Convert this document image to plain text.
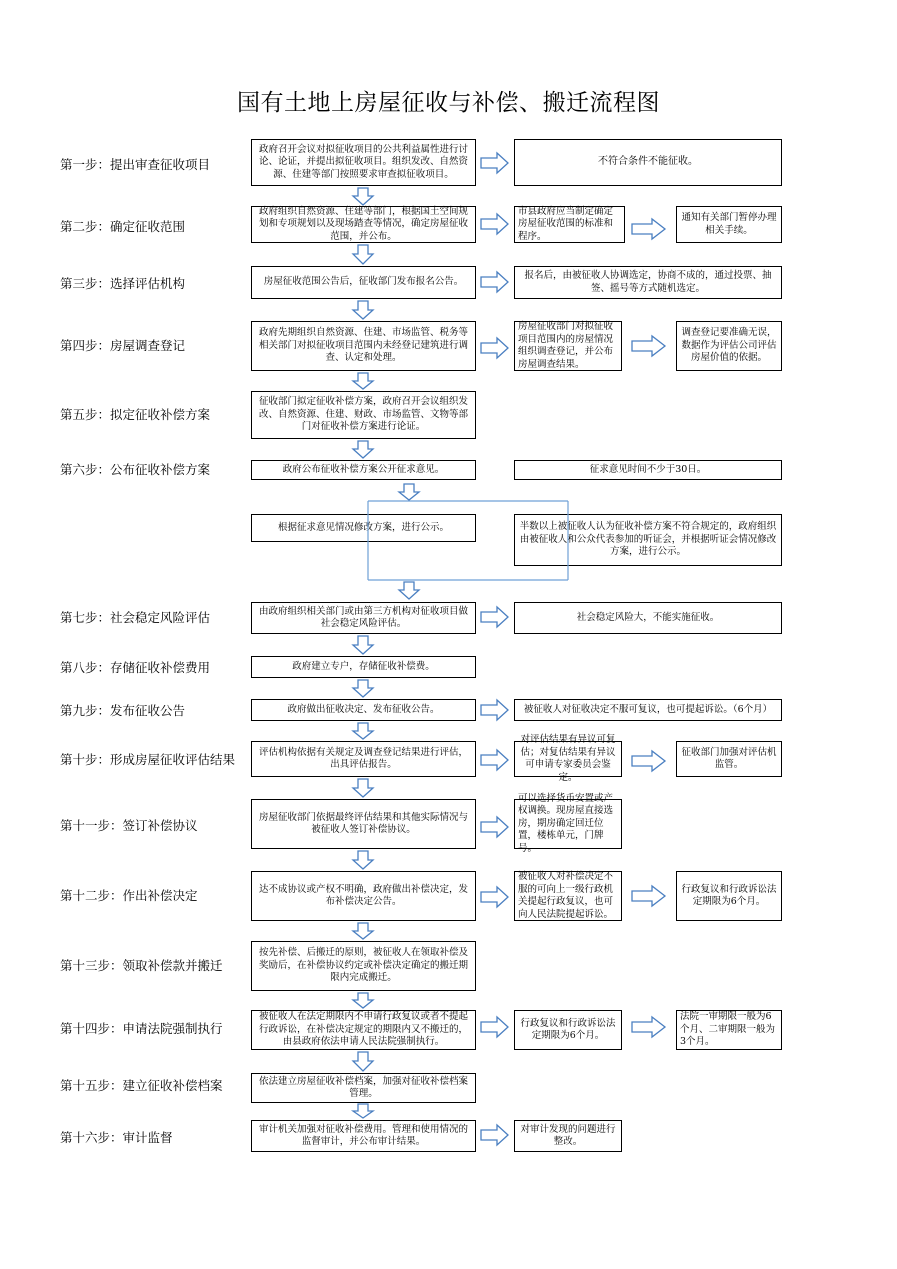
国有土地上房屋征收与补偿、搬迁流程图
第一步：提出审查征收项目
第二步：确定征收范围
第三步：选择评估机构
第四步：房屋调查登记
第五步：拟定征收补偿方案
第六步：公布征收补偿方案
第七步：社会稳定风险评估
第八步：存储征收补偿费用
第九步：发布征收公告
第十步：形成房屋征收评估结果
第十一步：签订补偿协议
第十二步：作出补偿决定
第十三步：领取补偿款并搬迁
第十四步：申请法院强制执行
第十五步：建立征收补偿档案
第十六步：审计监督
政府召开会议对拟征收项目的公共利益属性进行讨论、论证，并提出拟征收项目。组织发改、自然资源、住建等部门按照要求审查拟征收项目。
政府组织自然资源、住建等部门，根据国土空间规划和专项规划以及现场踏查等情况，确定房屋征收范围，并公布。
房屋征收范围公告后，征收部门发布报名公告。
政府先期组织自然资源、住建、市场监管、税务等相关部门对拟征收项目范围内未经登记建筑进行调查、认定和处理。
征收部门拟定征收补偿方案，政府召开会议组织发改、自然资源、住建、财政、市场监管、文物等部门对征收补偿方案进行论证。
政府公布征收补偿方案公开征求意见。
根据征求意见情况修改方案，进行公示。
由政府组织相关部门或由第三方机构对征收项目做社会稳定风险评估。
政府建立专户，存储征收补偿费。
政府做出征收决定、发布征收公告。
评估机构依据有关规定及调查登记结果进行评估，出具评估报告。
房屋征收部门依据最终评估结果和其他实际情况与被征收人签订补偿协议。
达不成协议或产权不明确，政府做出补偿决定，发布补偿决定公告。
按先补偿、后搬迁的原则，被征收人在领取补偿及奖励后，在补偿协议约定或补偿决定确定的搬迁期限内完成搬迁。
被征收人在法定期限内不申请行政复议或者不提起行政诉讼，在补偿决定规定的期限内又不搬迁的，由县政府依法申请人民法院强制执行。
依法建立房屋征收补偿档案，加强对征收补偿档案管理。
审计机关加强对征收补偿费用。管理和使用情况的监督审计，并公布审计结果。
不符合条件不能征收。
市县政府应当制定确定房屋征收范围的标准和程序。
通知有关部门暂停办理相关手续。
报名后，由被征收人协调选定，协商不成的，通过投票、抽签、摇号等方式随机选定。
房屋征收部门对拟征收项目范围内的房屋情况组织调查登记，并公布房屋调查结果。
调查登记要准确无误，数据作为评估公司评估房屋价值的依据。
征求意见时间不少于30日。
半数以上被征收人认为征收补偿方案不符合规定的，政府组织由被征收人和公众代表参加的听证会，并根据听证会情况修改方案，进行公示。
社会稳定风险大，不能实施征收。
被征收人对征收决定不服可复议，也可提起诉讼。（6个月）
对评估结果有异议可复估；对复估结果有异议可申请专家委员会鉴定。
征收部门加强对评估机监管。
可以选择货币安置或产权调换。现房屋直接选房，期房确定回迁位置，楼栋单元，门牌号。
被征收人对补偿决定不服的可向上一级行政机关提起行政复议，也可向人民法院提起诉讼。
行政复议和行政诉讼法定期限为6个月。
行政复议和行政诉讼法定期限为6个月。
法院一审期限一般为6个月、二审期限一般为3个月。
对审计发现的问题进行整改。
